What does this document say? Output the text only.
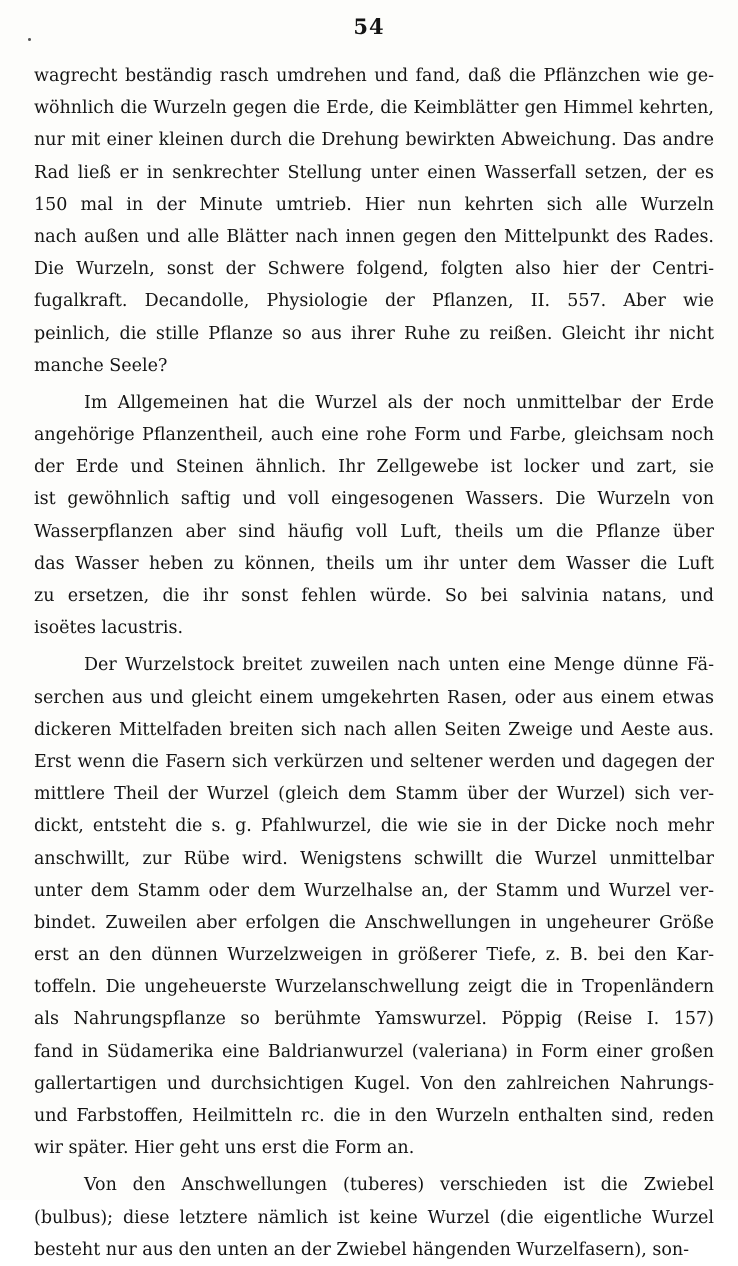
54
wagrecht beständig rasch umdrehen und fand, daß die Pflänzchen wie ge-
wöhnlich die Wurzeln gegen die Erde, die Keimblätter gen Himmel kehrten,
nur mit einer kleinen durch die Drehung bewirkten Abweichung. Das andre
Rad ließ er in senkrechter Stellung unter einen Wasserfall setzen, der es
150 mal in der Minute umtrieb. Hier nun kehrten sich alle Wurzeln
nach außen und alle Blätter nach innen gegen den Mittelpunkt des Rades.
Die Wurzeln, sonst der Schwere folgend, folgten also hier der Centri-
fugalkraft. Decandolle, Physiologie der Pflanzen, II. 557. Aber wie
peinlich, die stille Pflanze so aus ihrer Ruhe zu reißen. Gleicht ihr nicht
manche Seele?
Im Allgemeinen hat die Wurzel als der noch unmittelbar der Erde
angehörige Pflanzentheil, auch eine rohe Form und Farbe, gleichsam noch
der Erde und Steinen ähnlich. Ihr Zellgewebe ist locker und zart, sie
ist gewöhnlich saftig und voll eingesogenen Wassers. Die Wurzeln von
Wasserpflanzen aber sind häufig voll Luft, theils um die Pflanze über
das Wasser heben zu können, theils um ihr unter dem Wasser die Luft
zu ersetzen, die ihr sonst fehlen würde. So bei salvinia natans, und
isoëtes lacustris.
Der Wurzelstock breitet zuweilen nach unten eine Menge dünne Fä-
serchen aus und gleicht einem umgekehrten Rasen, oder aus einem etwas
dickeren Mittelfaden breiten sich nach allen Seiten Zweige und Aeste aus.
Erst wenn die Fasern sich verkürzen und seltener werden und dagegen der
mittlere Theil der Wurzel (gleich dem Stamm über der Wurzel) sich ver-
dickt, entsteht die s. g. Pfahlwurzel, die wie sie in der Dicke noch mehr
anschwillt, zur Rübe wird. Wenigstens schwillt die Wurzel unmittelbar
unter dem Stamm oder dem Wurzelhalse an, der Stamm und Wurzel ver-
bindet. Zuweilen aber erfolgen die Anschwellungen in ungeheurer Größe
erst an den dünnen Wurzelzweigen in größerer Tiefe, z. B. bei den Kar-
toffeln. Die ungeheuerste Wurzelanschwellung zeigt die in Tropenländern
als Nahrungspflanze so berühmte Yamswurzel. Pöppig (Reise I. 157)
fand in Südamerika eine Baldrianwurzel (valeriana) in Form einer großen
gallertartigen und durchsichtigen Kugel. Von den zahlreichen Nahrungs-
und Farbstoffen, Heilmitteln rc. die in den Wurzeln enthalten sind, reden
wir später. Hier geht uns erst die Form an.
Von den Anschwellungen (tuberes) verschieden ist die Zwiebel
(bulbus); diese letztere nämlich ist keine Wurzel (die eigentliche Wurzel
besteht nur aus den unten an der Zwiebel hängenden Wurzelfasern), son-
